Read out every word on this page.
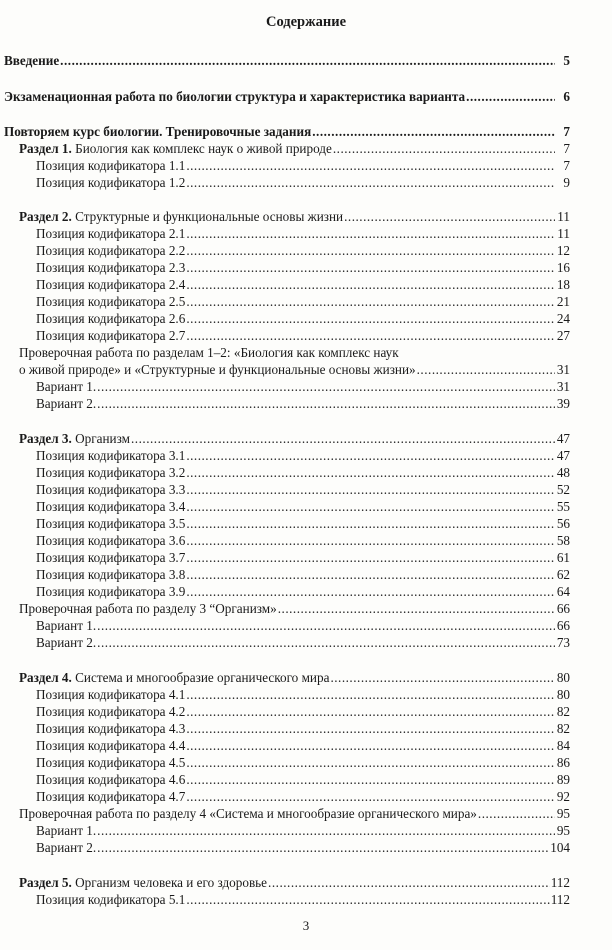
Содержание
Введение .....	5
Экзаменационная работа по биологии структура и характеристика варианта .....	6
Повторяем курс биологии. Тренировочные задания .....	7
Раздел 1. Биология как комплекс наук о живой природе .....	7
Позиция кодификатора 1.1 .....	7
Позиция кодификатора 1.2 .....	9
Раздел 2. Структурные и функциональные основы жизни .....	11
Позиция кодификатора 2.1 .....	11
Позиция кодификатора 2.2 .....	12
Позиция кодификатора 2.3 .....	16
Позиция кодификатора 2.4 .....	18
Позиция кодификатора 2.5 .....	21
Позиция кодификатора 2.6 .....	24
Позиция кодификатора 2.7 .....	27
Проверочная работа по разделам 1–2: «Биология как комплекс наук
о живой природе» и «Структурные и функциональные основы жизни» .....	31
Вариант 1. .....	31
Вариант 2. .....	39
Раздел 3. Организм .....	47
Позиция кодификатора 3.1 .....	47
Позиция кодификатора 3.2 .....	48
Позиция кодификатора 3.3 .....	52
Позиция кодификатора 3.4 .....	55
Позиция кодификатора 3.5 .....	56
Позиция кодификатора 3.6 .....	58
Позиция кодификатора 3.7 .....	61
Позиция кодификатора 3.8 .....	62
Позиция кодификатора 3.9 .....	64
Проверочная работа по разделу 3 “Организм» .....	66
Вариант 1. .....	66
Вариант 2. .....	73
Раздел 4. Система и многообразие органического мира .....	80
Позиция кодификатора 4.1 .....	80
Позиция кодификатора 4.2 .....	82
Позиция кодификатора 4.3 .....	82
Позиция кодификатора 4.4 .....	84
Позиция кодификатора 4.5 .....	86
Позиция кодификатора 4.6 .....	89
Позиция кодификатора 4.7 .....	92
Проверочная работа по разделу 4 «Система и многообразие органического мира» .....	95
Вариант 1. .....	95
Вариант 2. .....	104
Раздел 5. Организм человека и его здоровье .....	112
Позиция кодификатора 5.1 .....	112
3
